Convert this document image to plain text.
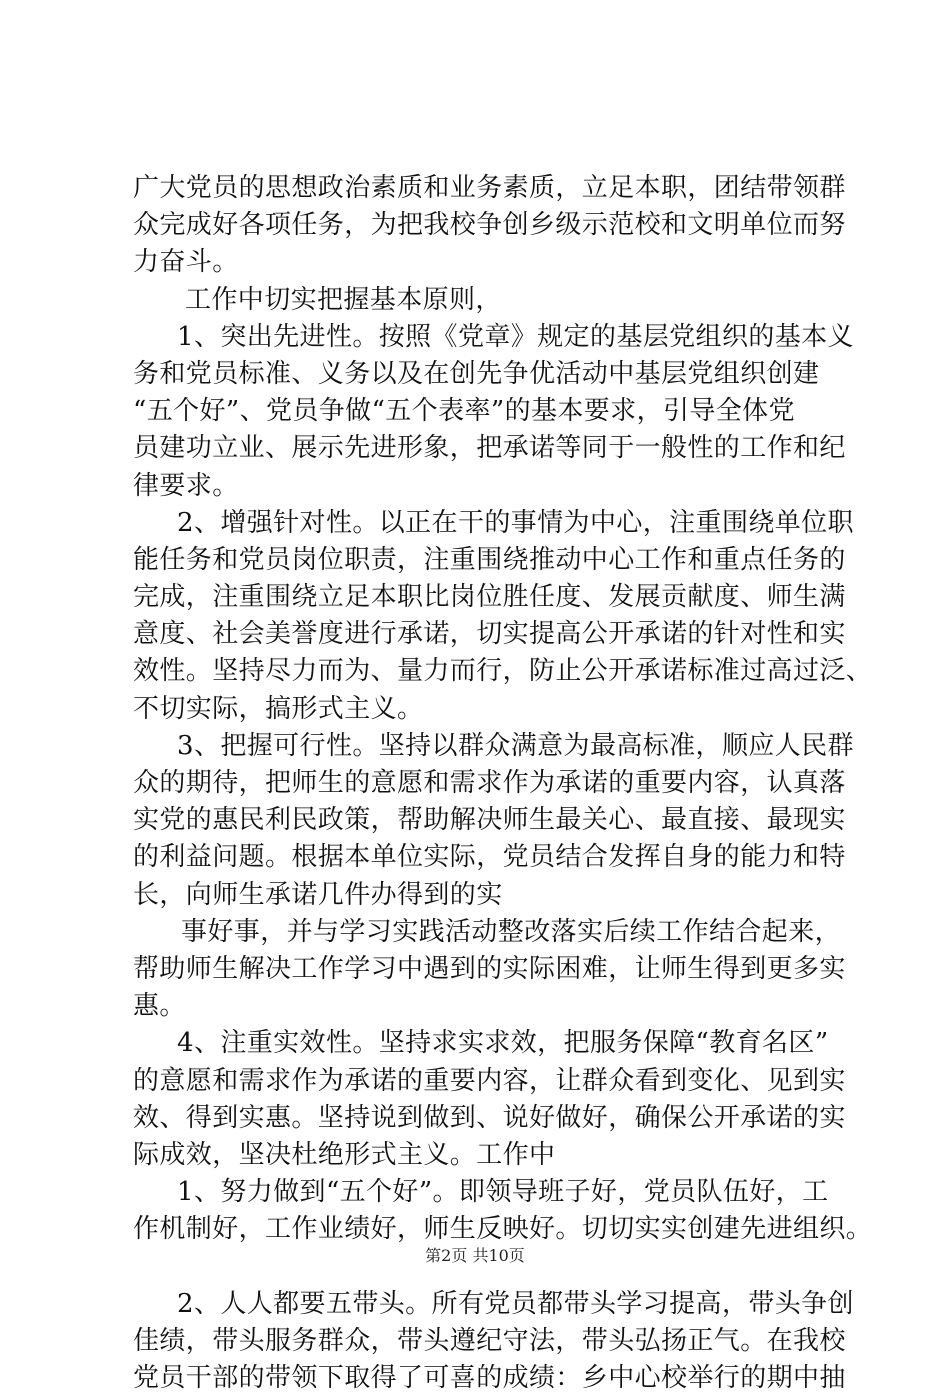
广大党员的思想政治素质和业务素质，立足本职，团结带领群
众完成好各项任务，为把我校争创乡级示范校和文明单位而努
力奋斗。
工作中切实把握基本原则，
1、突出先进性。按照《党章》规定的基层党组织的基本义
务和党员标准、义务以及在创先争优活动中基层党组织创建
“五个好”、党员争做“五个表率”的基本要求，引导全体党
员建功立业、展示先进形象，把承诺等同于一般性的工作和纪
律要求。
2、增强针对性。以正在干的事情为中心，注重围绕单位职
能任务和党员岗位职责，注重围绕推动中心工作和重点任务的
完成，注重围绕立足本职比岗位胜任度、发展贡献度、师生满
意度、社会美誉度进行承诺，切实提高公开承诺的针对性和实
效性。坚持尽力而为、量力而行，防止公开承诺标准过高过泛、
不切实际，搞形式主义。
3、把握可行性。坚持以群众满意为最高标准，顺应人民群
众的期待，把师生的意愿和需求作为承诺的重要内容，认真落
实党的惠民利民政策，帮助解决师生最关心、最直接、最现实
的利益问题。根据本单位实际，党员结合发挥自身的能力和特
长，向师生承诺几件办得到的实
事好事，并与学习实践活动整改落实后续工作结合起来，
帮助师生解决工作学习中遇到的实际困难，让师生得到更多实
惠。
4、注重实效性。坚持求实求效，把服务保障“教育名区”
的意愿和需求作为承诺的重要内容，让群众看到变化、见到实
效、得到实惠。坚持说到做到、说好做好，确保公开承诺的实
际成效，坚决杜绝形式主义。工作中
1、努力做到“五个好”。即领导班子好，党员队伍好，工
作机制好，工作业绩好，师生反映好。切切实实创建先进组织。
2、人人都要五带头。所有党员都带头学习提高，带头争创
佳绩，带头服务群众，带头遵纪守法，带头弘扬正气。在我校
党员干部的带领下取得了可喜的成绩：乡中心校举行的期中抽
第2页 共10页
